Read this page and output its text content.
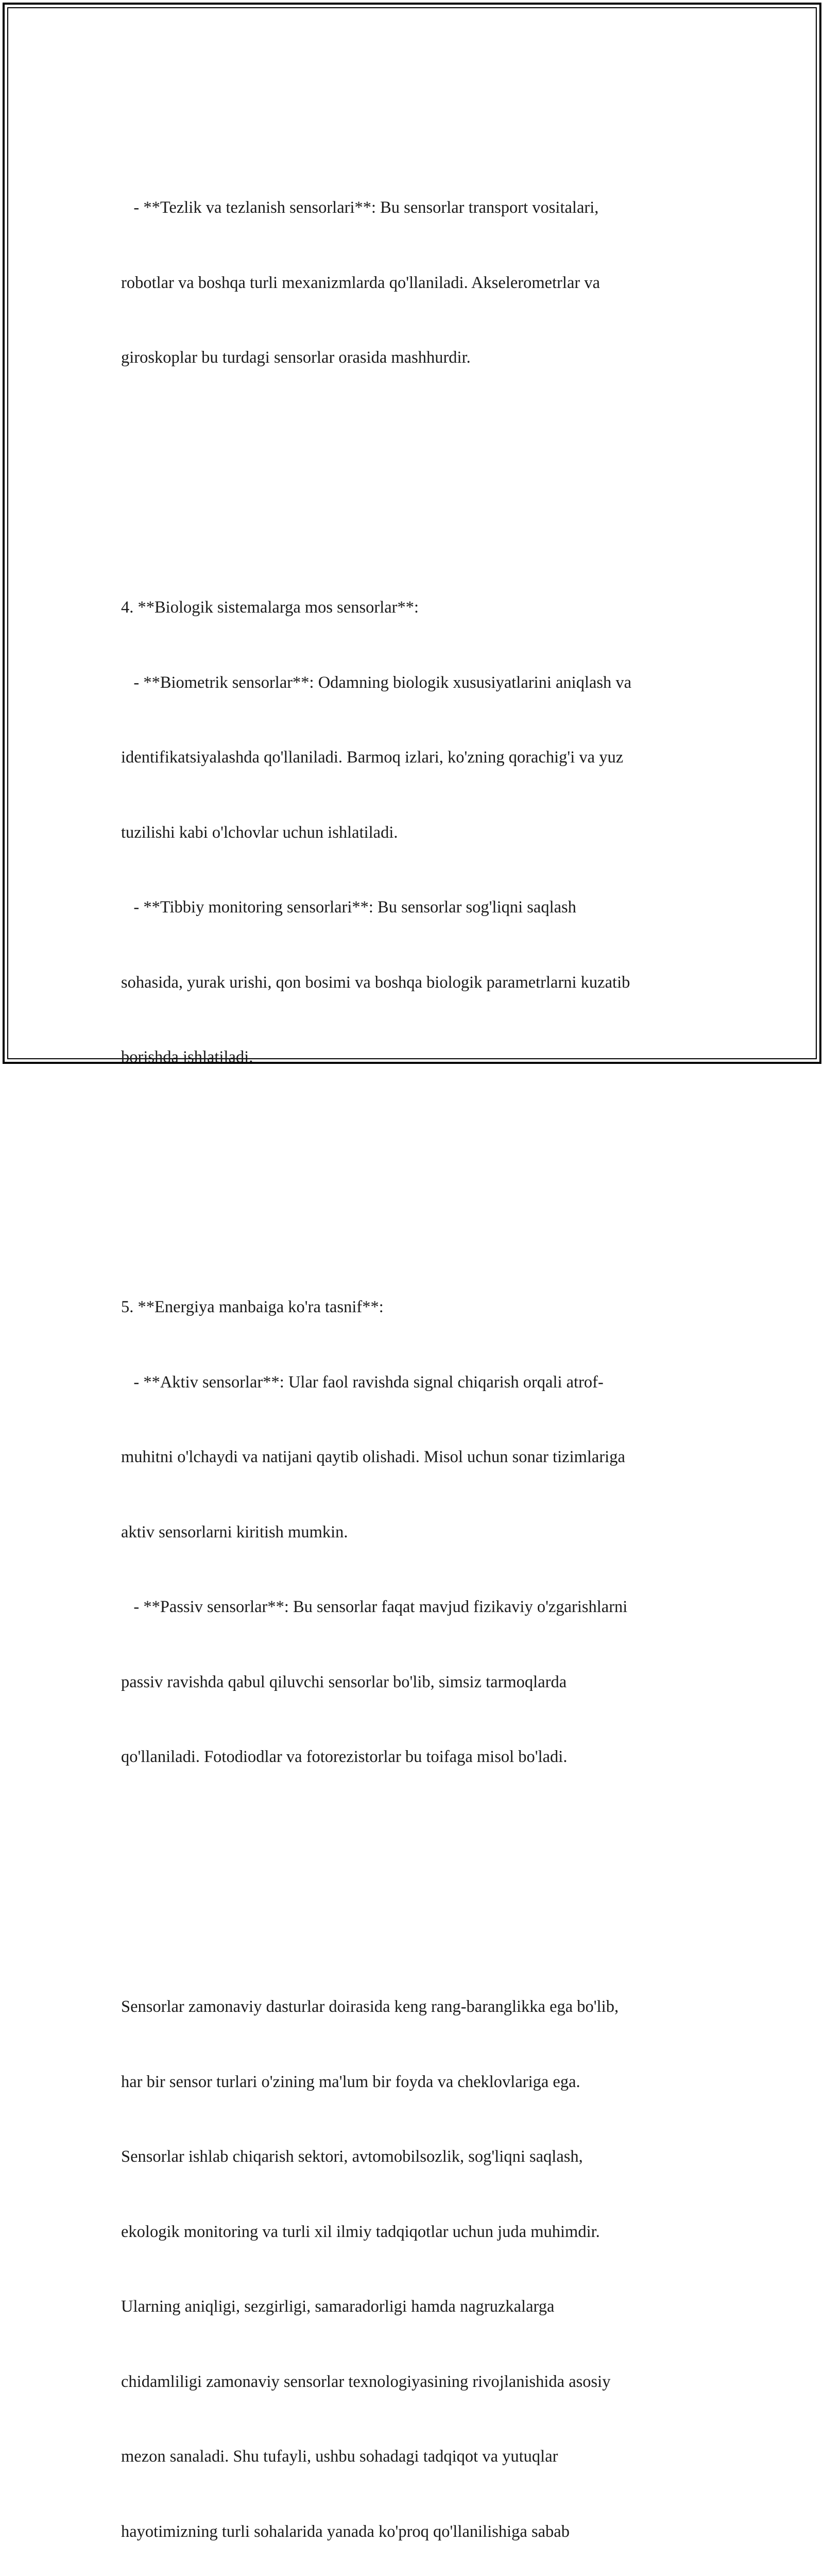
- **Tezlik va tezlanish sensorlari**: Bu sensorlar transport vositalari,

robotlar va boshqa turli mexanizmlarda qo'llaniladi. Akselerometrlar va

giroskoplar bu turdagi sensorlar orasida mashhurdir.

4. **Biologik sistemalarga mos sensorlar**:

- **Biometrik sensorlar**: Odamning biologik xususiyatlarini aniqlash va

identifikatsiyalashda qo'llaniladi. Barmoq izlari, ko'zning qorachig'i va yuz

tuzilishi kabi o'lchovlar uchun ishlatiladi.

- **Tibbiy monitoring sensorlari**: Bu sensorlar sog'liqni saqlash

sohasida, yurak urishi, qon bosimi va boshqa biologik parametrlarni kuzatib

borishda ishlatiladi.

5. **Energiya manbaiga ko'ra tasnif**:

- **Aktiv sensorlar**: Ular faol ravishda signal chiqarish orqali atrof-

muhitni o'lchaydi va natijani qaytib olishadi. Misol uchun sonar tizimlariga

aktiv sensorlarni kiritish mumkin.

- **Passiv sensorlar**: Bu sensorlar faqat mavjud fizikaviy o'zgarishlarni

passiv ravishda qabul qiluvchi sensorlar bo'lib, simsiz tarmoqlarda

qo'llaniladi. Fotodiodlar va fotorezistorlar bu toifaga misol bo'ladi.

Sensorlar zamonaviy dasturlar doirasida keng rang-baranglikka ega bo'lib,

har bir sensor turlari o'zining ma'lum bir foyda va cheklovlariga ega.

Sensorlar ishlab chiqarish sektori, avtomobilsozlik, sog'liqni saqlash,

ekologik monitoring va turli xil ilmiy tadqiqotlar uchun juda muhimdir.

Ularning aniqligi, sezgirligi, samaradorligi hamda nagruzkalarga

chidamliligi zamonaviy sensorlar texnologiyasining rivojlanishida asosiy

mezon sanaladi. Shu tufayli, ushbu sohadagi tadqiqot va yutuqlar

hayotimizning turli sohalarida yanada ko'proq qo'llanilishiga sabab
